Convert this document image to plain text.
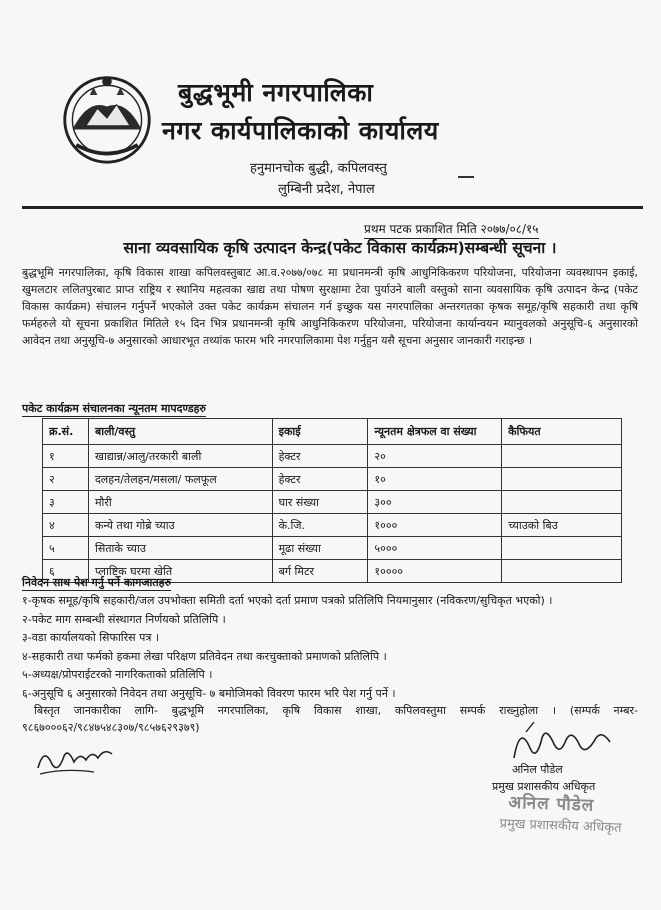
बुद्धभूमी नगरपालिका
नगर कार्यपालिकाको कार्यालय
हनुमानचोक बुद्धी, कपिलवस्तु
लुम्बिनी प्रदेश, नेपाल
प्रथम पटक प्रकाशित मिति २०७७/०८/१५
साना व्यवसायिक कृषि उत्पादन केन्द्र(पकेट विकास कार्यक्रम)सम्बन्धी सूचना ।
बुद्धभूमि नगरपालिका, कृषि विकास शाखा कपिलवस्तुबाट आ.व.२०७७/०७८ मा प्रधानमन्त्री कृषि आधुनिकिकरण परियोजना, परियोजना व्यवस्थापन इकाई, खुमलटार ललितपुरबाट प्राप्त राष्ट्रिय र स्थानिय महत्वका खाद्य तथा पोषण सुरक्षामा टेवा पुर्याउने बाली वस्तुको साना व्यवसायिक कृषि उत्पादन केन्द्र (पकेट विकास कार्यक्रम) संचालन गर्नुपर्ने भएकोले उक्त पकेट कार्यक्रम संचालन गर्न इच्छुक यस नगरपालिका अन्तरगतका कृषक समूह/कृषि सहकारी तथा कृषि फर्महरुले यो सूचना प्रकाशित मितिले १५ दिन भित्र प्रधानमन्त्री कृषि आधुनिकिकरण परियोजना, परियोजना कार्यान्वयन म्यानुवलको अनुसूचि-६ अनुसारको आवेदन तथा अनुसूचि-७ अनुसारको आधारभूत तथ्यांक फारम भरि नगरपालिकामा पेश गर्नुहुन यसै सूचना अनुसार जानकारी गराइन्छ ।
पकेट कार्यक्रम संचालनका न्यूनतम मापदण्डहरु
क्र.सं.	बाली/वस्तु	इकाई	न्यूनतम क्षेत्रफल वा संख्या	कैफियत
१	खाद्यान्न/आलु/तरकारी बाली	हेक्टर	२०	
२	दलहन/तेलहन/मसला/ फलफूल	हेक्टर	१०	
३	मौरी	घार संख्या	३००	
४	कन्ये तथा गोब्रे च्याउ	के.जि.	१०००	च्याउको बिउ
५	सिताके च्याउ	मूढा संख्या	५०००	
६	प्लाष्टिक घरमा खेति	बर्ग मिटर	१००००	
निवेदन साथ पेश गर्नु पर्ने कागजातहरु
१-कृषक समूह/कृषि सहकारी/जल उपभोक्ता समिती दर्ता भएको दर्ता प्रमाण पत्रको प्रतिलिपि नियमानुसार (नविकरण/सुचिकृत भएको) ।
२-पकेट माग सम्बन्धी संस्थागत निर्णयको प्रतिलिपि ।
३-वडा कार्यालयको सिफारिस पत्र ।
४-सहकारी तथा फर्मको हकमा लेखा परिक्षण प्रतिवेदन तथा करचुक्ताको प्रमाणको प्रतिलिपि ।
५-अध्यक्ष/प्रोपराईटरको नागरिकताको प्रतिलिपि ।
६-अनुसूचि ६ अनुसारको निवेदन तथा अनुसूचि- ७ बमोजिमको विवरण फारम भरि पेश गर्नु पर्ने ।
बिस्तृत जानकारीका लागि- बुद्धभूमि नगरपालिका, कृषि विकास शाखा, कपिलवस्तुमा सम्पर्क राख्नुहोला । (सम्पर्क नम्बर- ९८६७०००६२/९८४७५४८३०७/९८५७६२९३७९)
अनिल पौडेल
प्रमुख प्रशासकीय अधिकृत
अनिल पौडेल
प्रमुख प्रशासकीय अधिकृत
